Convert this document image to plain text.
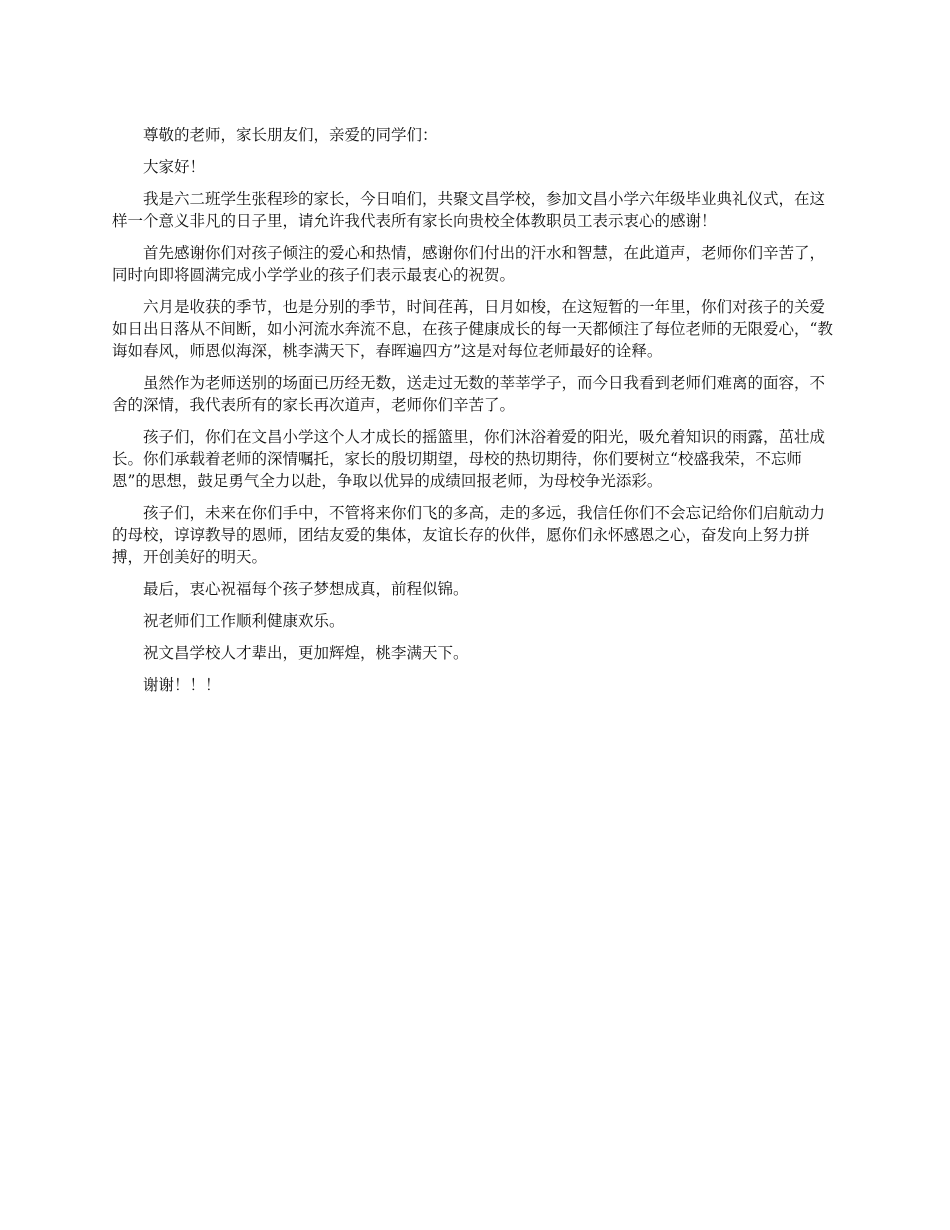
尊敬的老师，家长朋友们，亲爱的同学们：

大家好！

我是六二班学生张程珍的家长，今日咱们，共聚文昌学校，参加文昌小学六年级毕业典礼仪式，在这样一个意义非凡的日子里，请允许我代表所有家长向贵校全体教职员工表示衷心的感谢！

首先感谢你们对孩子倾注的爱心和热情，感谢你们付出的汗水和智慧，在此道声，老师你们辛苦了，同时向即将圆满完成小学学业的孩子们表示最衷心的祝贺。

六月是收获的季节，也是分别的季节，时间荏苒，日月如梭，在这短暂的一年里，你们对孩子的关爱如日出日落从不间断，如小河流水奔流不息，在孩子健康成长的每一天都倾注了每位老师的无限爱心，“教诲如春风，师恩似海深，桃李满天下，春晖遍四方”这是对每位老师最好的诠释。

虽然作为老师送别的场面已历经无数，送走过无数的莘莘学子，而今日我看到老师们难离的面容，不舍的深情，我代表所有的家长再次道声，老师你们辛苦了。

孩子们，你们在文昌小学这个人才成长的摇篮里，你们沐浴着爱的阳光，吸允着知识的雨露，茁壮成长。你们承载着老师的深情嘱托，家长的殷切期望，母校的热切期待，你们要树立“校盛我荣，不忘师恩”的思想，鼓足勇气全力以赴，争取以优异的成绩回报老师，为母校争光添彩。

孩子们，未来在你们手中，不管将来你们飞的多高，走的多远，我信任你们不会忘记给你们启航动力的母校，谆谆教导的恩师，团结友爱的集体，友谊长存的伙伴，愿你们永怀感恩之心，奋发向上努力拼搏，开创美好的明天。

最后，衷心祝福每个孩子梦想成真，前程似锦。

祝老师们工作顺利健康欢乐。

祝文昌学校人才辈出，更加辉煌，桃李满天下。

谢谢！！！
